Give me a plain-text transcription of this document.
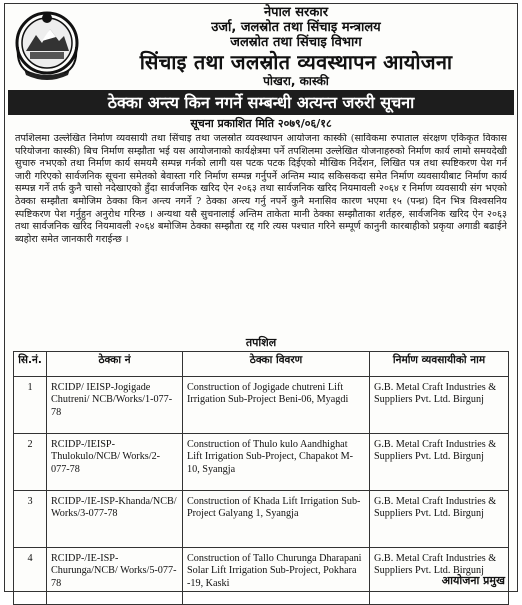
नेपाल सरकार
उर्जा, जलस्रोत तथा सिंचाइ मन्त्रालय
जलस्रोत तथा सिंचाइ विभाग
सिंचाइ तथा जलस्रोत व्यवस्थापन आयोजना
पोखरा, कास्की
ठेक्का अन्त्य किन नगर्ने सम्बन्धी अत्यन्त जरुरी सूचना
सूचना प्रकाशित मिति २०७९/०६/१८
तपशिलमा उल्लेखित निर्माण व्यवसायी तथा सिंचाइ तथा जलस्रोत व्यवस्थापन आयोजना कास्की (साविकमा रुपाताल संरक्षण एकिकृत विकास परियोजना कास्की) बिच निर्माण सम्झौता भई यस आयोजनाको कार्यक्षेत्रमा पर्ने तपशिलमा उल्लेखित योजनाहरुको निर्माण कार्य लामो समयदेखी सुचारु नभएको तथा निर्माण कार्य समयमै सम्पन्न गर्नको लागी यस पटक पटक दिईएको मौखिक निर्देशन, लिखित पत्र तथा स्पष्टिकरण पेश गर्न जारी गरिएको सार्वजनिक सूचना समेतको बेवास्ता गरि निर्माण सम्पन्न गर्नुपर्ने अन्तिम म्याद सकिसकदा समेत निर्माण व्यवसायीबाट निर्माण कार्य सम्पन्न गर्ने तर्फ कुनै चासो नदेखाएको हुँदा सार्वजनिक खरिद ऐन २०६३ तथा सार्वजनिक खरिद नियमावली २०६४ र निर्माण व्यवसायी संग भएको ठेक्का सम्झौता बमोजिम ठेक्का किन अन्त्य नगर्ने ? ठेक्का अन्त्य गर्नु नपर्ने कुनै मनासिव कारण भएमा १५ (पन्ध्र) दिन भित्र विश्वसनिय स्पष्टिकरण पेश गर्नुहुन अनुरोध गरिन्छ । अन्यथा यसै सुचनालाई अन्तिम ताकेता मानी ठेक्का सम्झौताका शर्तहरु, सार्वजनिक खरिद ऐन २०६३ तथा सार्वजनिक खरिद नियमावली २०६४ बमोजिम ठेक्का सम्झौता रद्द गरि त्यस पश्चात गरिने सम्पूर्ण कानुनी कारबाहीको प्रकृया अगाडी बढाईने ब्यहोरा समेत जानकारी गराईन्छ ।
तपशिल
सि.नं.	ठेक्का नं	ठेक्का विवरण	निर्माण व्यवसायीको नाम
1	RCIDP/ IEISP-Jogigade Chutreni/ NCB/Works/1-077-78	Construction of Jogigade chutreni Lift Irrigation Sub-Project Beni-06, Myagdi	G.B. Metal Craft Industries & Suppliers Pvt. Ltd. Birgunj
2	RCIDP-/IEISP-Thulokulo/NCB/ Works/2-077-78	Construction of Thulo kulo Aandhighat Lift Irrigation Sub-Project, Chapakot M-10, Syangja	G.B. Metal Craft Industries & Suppliers Pvt. Ltd. Birgunj
3	RCIDP-/IE-ISP-Khanda/NCB/ Works/3-077-78	Construction of Khada Lift Irrigation Sub-Project Galyang 1, Syangja	G.B. Metal Craft Industries & Suppliers Pvt. Ltd. Birgunj
4	RCIDP-/IE-ISP-Churunga/NCB/ Works/5-077-78	Construction of Tallo Churunga Dharapani Solar Lift Irrigation Sub-Project, Pokhara -19, Kaski	G.B. Metal Craft Industries & Suppliers Pvt. Ltd. Birgunj
आयोजना प्रमुख
